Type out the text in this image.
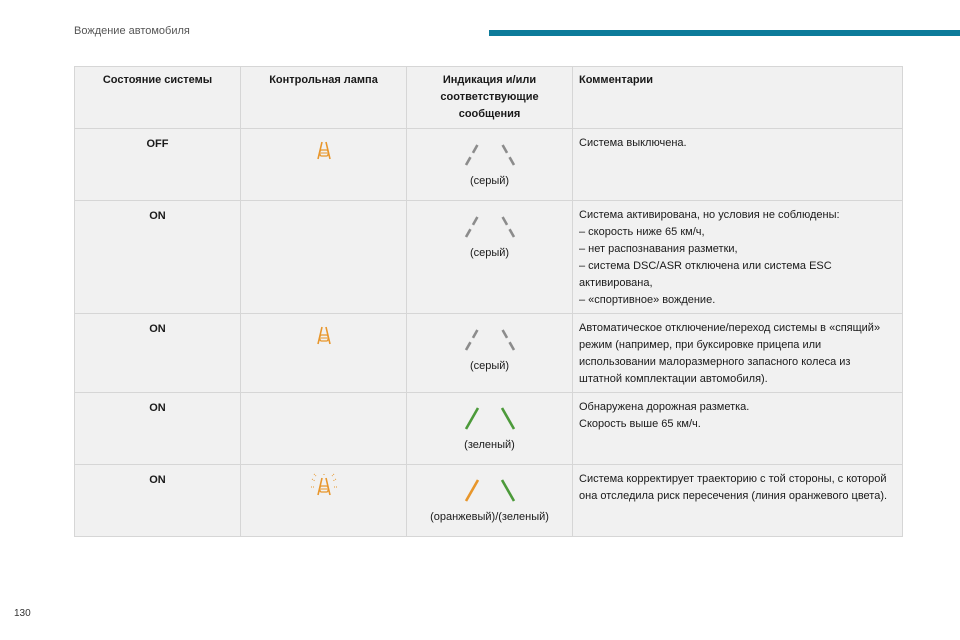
Вождение автомобиля
Состояние системы	Контрольная лампа	Индикация и/или соответствующие сообщения	Комментарии
OFF		(серый)	Система выключена.

ON		(серый)	Система активирована, но условия не соблюдены:
– скорость ниже 65 км/ч,
– нет распознавания разметки,
– система DSC/ASR отключена или система ESC активирована,
– «спортивное» вождение.

ON		(серый)	Автоматическое отключение/переход системы в «спящий» режим (например, при буксировке прицепа или использовании малоразмерного запасного колеса из штатной комплектации автомобиля).

ON		(зеленый)	Обнаружена дорожная разметка.
Скорость выше 65 км/ч.

ON		(оранжевый)/(зеленый)	Система корректирует траекторию с той стороны, с которой она отследила риск пересечения (линия оранжевого цвета).
130
